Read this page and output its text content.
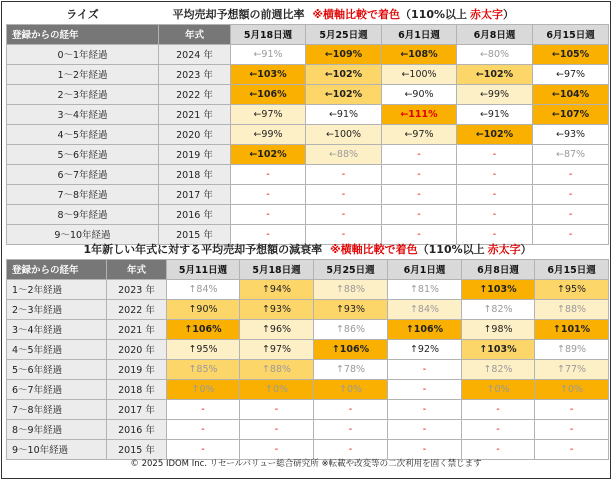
ライズ	平均売却予想額の前週比率 ※横軸比較で着色（110%以上 赤太字）					
登録からの経年	年式	5月18日週	5月25日週	6月1日週	6月8日週	6月15日週
0～1年経過	2024 年	←91%	←109%	←108%	←80%	←105%
1～2年経過	2023 年	←103%	←102%	←100%	←102%	←97%
2～3年経過	2022 年	←106%	←102%	←90%	←99%	←104%
3～4年経過	2021 年	←97%	←91%	←111%	←91%	←107%
4～5年経過	2020 年	←99%	←100%	←97%	←102%	←93%
5～6年経過	2019 年	←102%	←88%	-	-	←87%
6～7年経過	2018 年	-	-	-	-	-
7～8年経過	2017 年	-	-	-	-	-
8～9年経過	2016 年	-	-	-	-	-
9～10年経過	2015 年	-	-	-	-	-
1年新しい年式に対する平均売却予想額の減衰率 ※横軸比較で着色（110%以上 赤太字）							
登録からの経年	年式	5月11日週	5月18日週	5月25日週	6月1日週	6月8日週	6月15日週
1～2年経過	2023 年	↑84%	↑94%	↑88%	↑81%	↑103%	↑95%
2～3年経過	2022 年	↑90%	↑93%	↑93%	↑84%	↑82%	↑88%
3～4年経過	2021 年	↑106%	↑96%	↑86%	↑106%	↑98%	↑101%
4～5年経過	2020 年	↑95%	↑97%	↑106%	↑92%	↑103%	↑89%
5～6年経過	2019 年	↑85%	↑88%	↑78%	-	↑82%	↑77%
6～7年経過	2018 年	↑0%	↑0%	↑0%	-	↑0%	↑0%
7～8年経過	2017 年	-	-	-	-	-	-
8～9年経過	2016 年	-	-	-	-	-	-
9～10年経過	2015 年	-	-	-	-	-	-
© 2025 IDOM Inc. リセールバリュー総合研究所 ※転載や改変等の二次利用を固く禁じます
